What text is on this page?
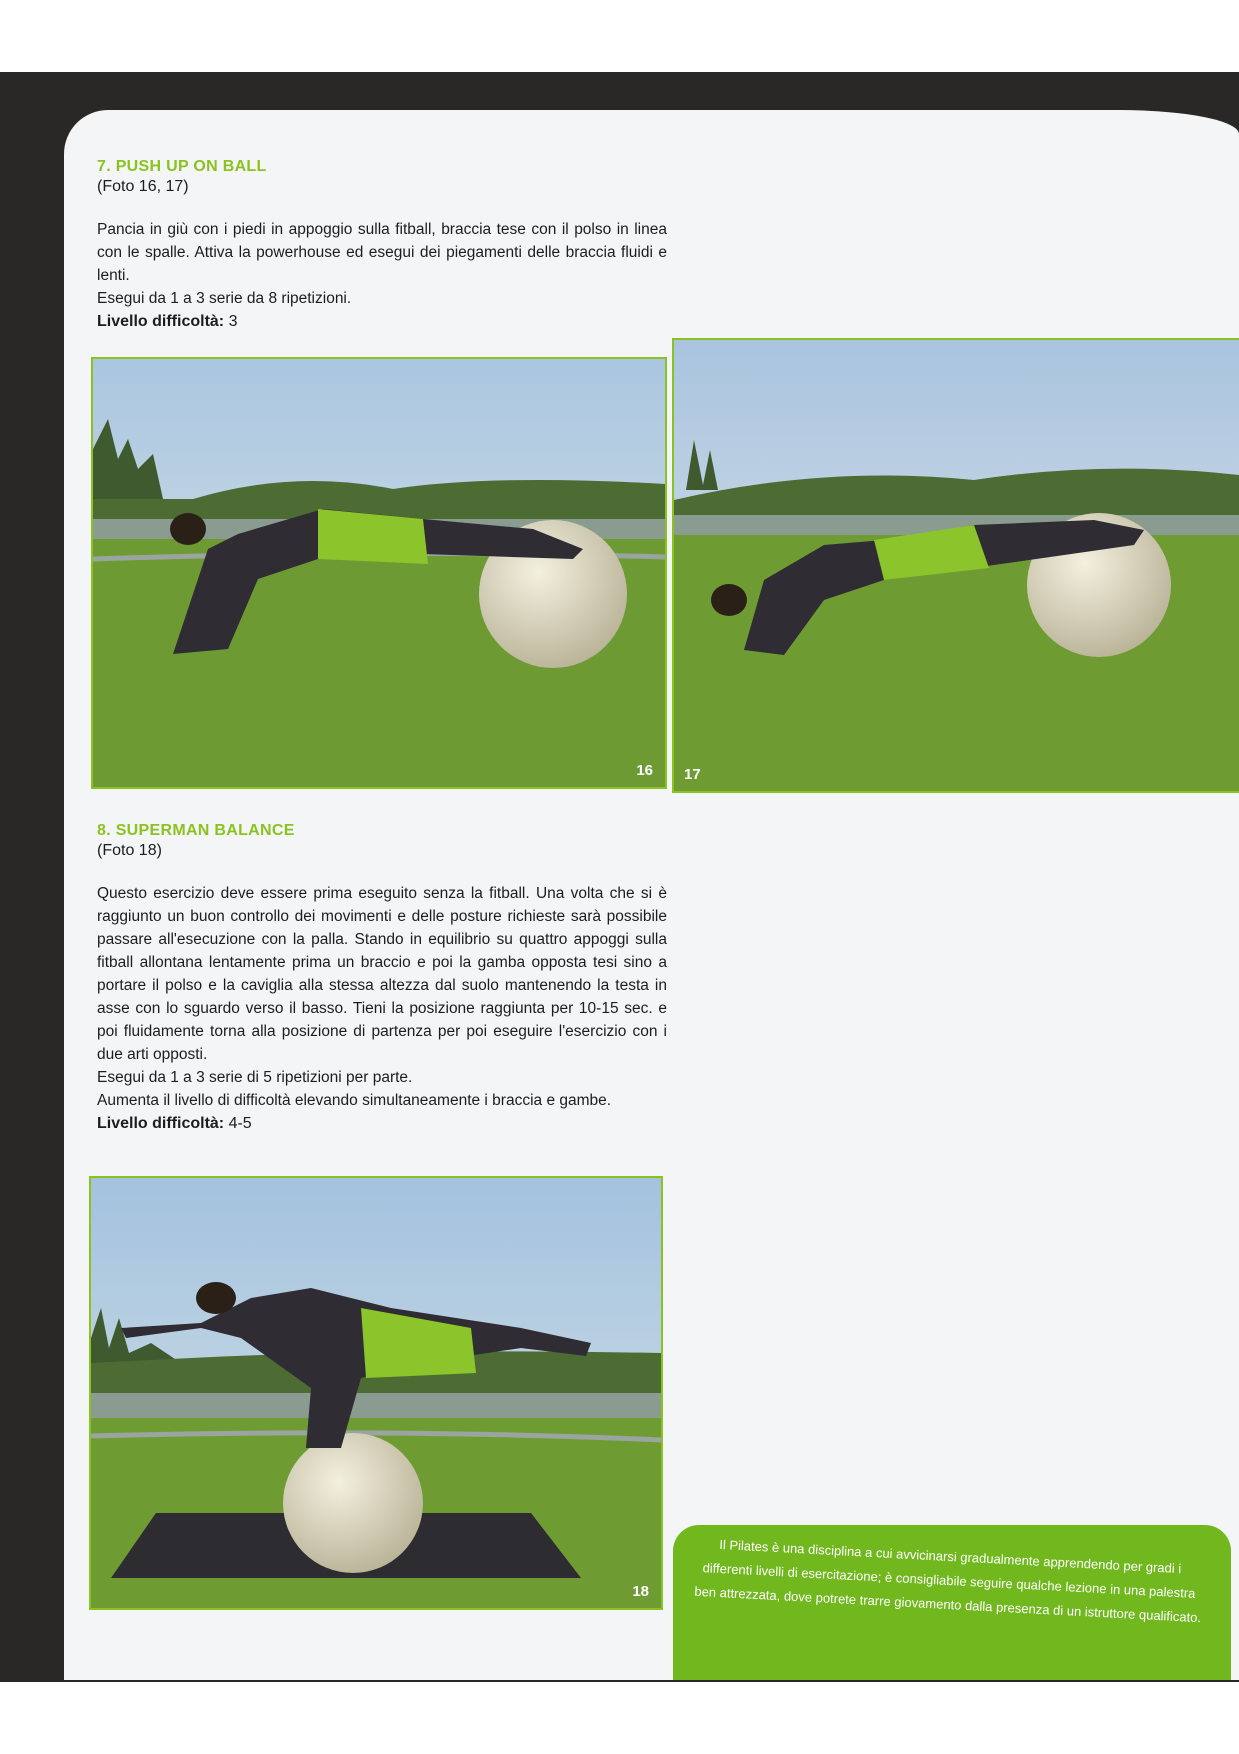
7. PUSH UP ON BALL
(Foto 16, 17)

Pancia in giù con i piedi in appoggio sulla fitball, braccia tese con il polso in linea con le spalle. Attiva la powerhouse ed esegui dei piegamenti delle braccia fluidi e lenti.

Esegui da 1 a 3 serie da 8 ripetizioni.
Livello difficoltà: 3
16 17
8. SUPERMAN BALANCE
(Foto 18)

Questo esercizio deve essere prima eseguito senza la fitball. Una volta che si è raggiunto un buon controllo dei movimenti e delle posture richieste sarà possibile passare all'esecuzione con la palla. Stando in equilibrio su quattro appoggi sulla fitball allontana lentamente prima un braccio e poi la gamba opposta tesi sino a portare il polso e la caviglia alla stessa altezza dal suolo mantenendo la testa in asse con lo sguardo verso il basso. Tieni la posizione raggiunta per 10-15 sec. e poi fluidamente torna alla posizione di partenza per poi eseguire l'esercizio con i due arti opposti.

Esegui da 1 a 3 serie di 5 ripetizioni per parte.
Aumenta il livello di difficoltà elevando simultaneamente i braccia e gambe.
Livello difficoltà: 4-5
18
Il Pilates è una disciplina a cui avvicinarsi gradualmente apprendendo per gradi i differenti livelli di esercitazione; è consigliabile seguire qualche lezione in una palestra ben attrezzata, dove potrete trarre giovamento dalla presenza di un istruttore qualificato.
